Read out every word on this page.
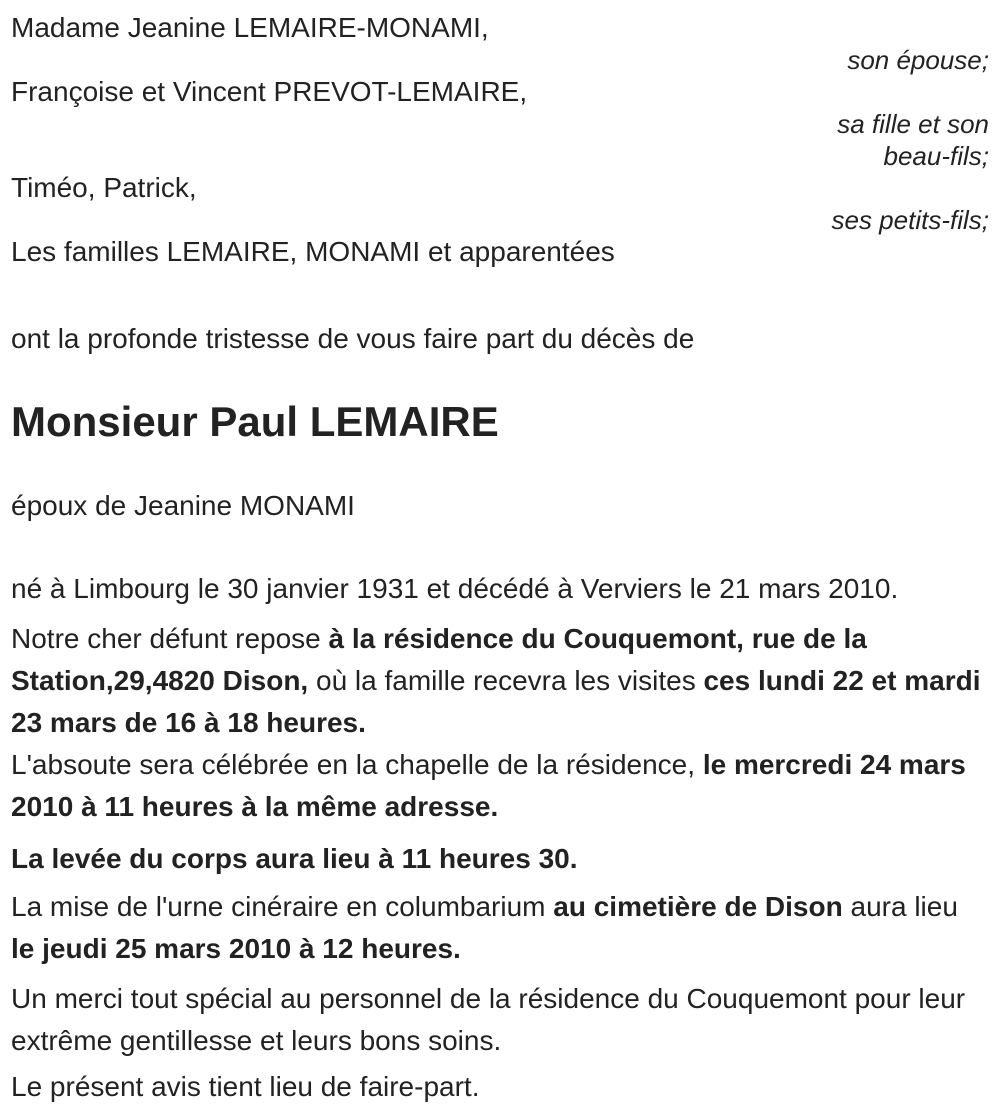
Madame Jeanine LEMAIRE-MONAMI,
son épouse;
Françoise et Vincent PREVOT-LEMAIRE,
sa fille et son
beau-fils;
Timéo, Patrick,
ses petits-fils;
Les familles LEMAIRE, MONAMI et apparentées

ont la profonde tristesse de vous faire part du décès de

Monsieur Paul LEMAIRE

époux de Jeanine MONAMI

né à Limbourg le 30 janvier 1931 et décédé à Verviers le 21 mars 2010.

Notre cher défunt repose à la résidence du Couquemont, rue de la Station,29,4820 Dison, où la famille recevra les visites ces lundi 22 et mardi 23 mars de 16 à 18 heures.

L'absoute sera célébrée en la chapelle de la résidence, le mercredi 24 mars 2010 à 11 heures à la même adresse.

La levée du corps aura lieu à 11 heures 30.

La mise de l'urne cinéraire en columbarium au cimetière de Dison aura lieu le jeudi 25 mars 2010 à 12 heures.

Un merci tout spécial au personnel de la résidence du Couquemont pour leur extrême gentillesse et leurs bons soins.

Le présent avis tient lieu de faire-part.
